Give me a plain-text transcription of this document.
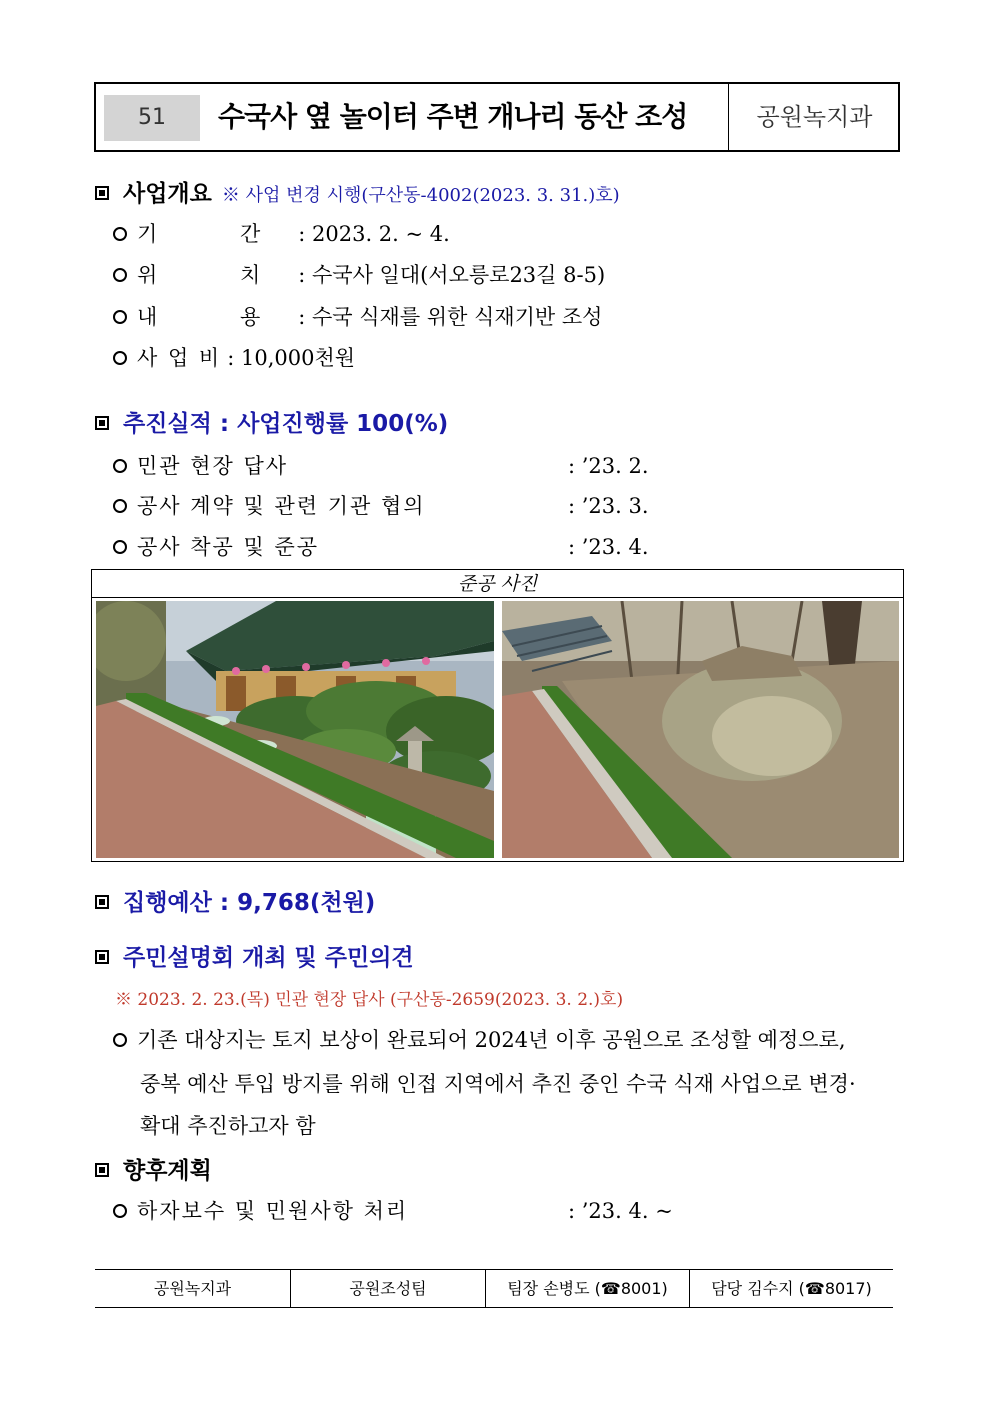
51	수국사 옆 놀이터 주변 개나리 동산 조성	공원녹지과
사업개요 ※ 사업 변경 시행(구산동-4002(2023. 3. 31.)호)
기 간: 2023. 2. ~ 4.
위 치: 수국사 일대(서오릉로23길 8-5)
내 용: 수국 식재를 위한 식재기반 조성
사 업 비 : 10,000천원
추진실적 : 사업진행률 100(%)
민관 현장 답사	: ’23. 2.
공사 계약 및 관련 기관 협의	: ’23. 3.
공사 착공 및 준공	: ’23. 4.
준공 사진
집행예산 : 9,768(천원)
주민설명회 개최 및 주민의견
※ 2023. 2. 23.(목) 민관 현장 답사 (구산동-2659(2023. 3. 2.)호)
기존 대상지는 토지 보상이 완료되어 2024년 이후 공원으로 조성할 예정으로,
중복 예산 투입 방지를 위해 인접 지역에서 추진 중인 수국 식재 사업으로 변경·
확대 추진하고자 함
향후계획
하자보수 및 민원사항 처리	: ’23. 4. ~
공원녹지과	공원조성팀	팀장 손병도 (☎8001)	담당 김수지 (☎8017)
